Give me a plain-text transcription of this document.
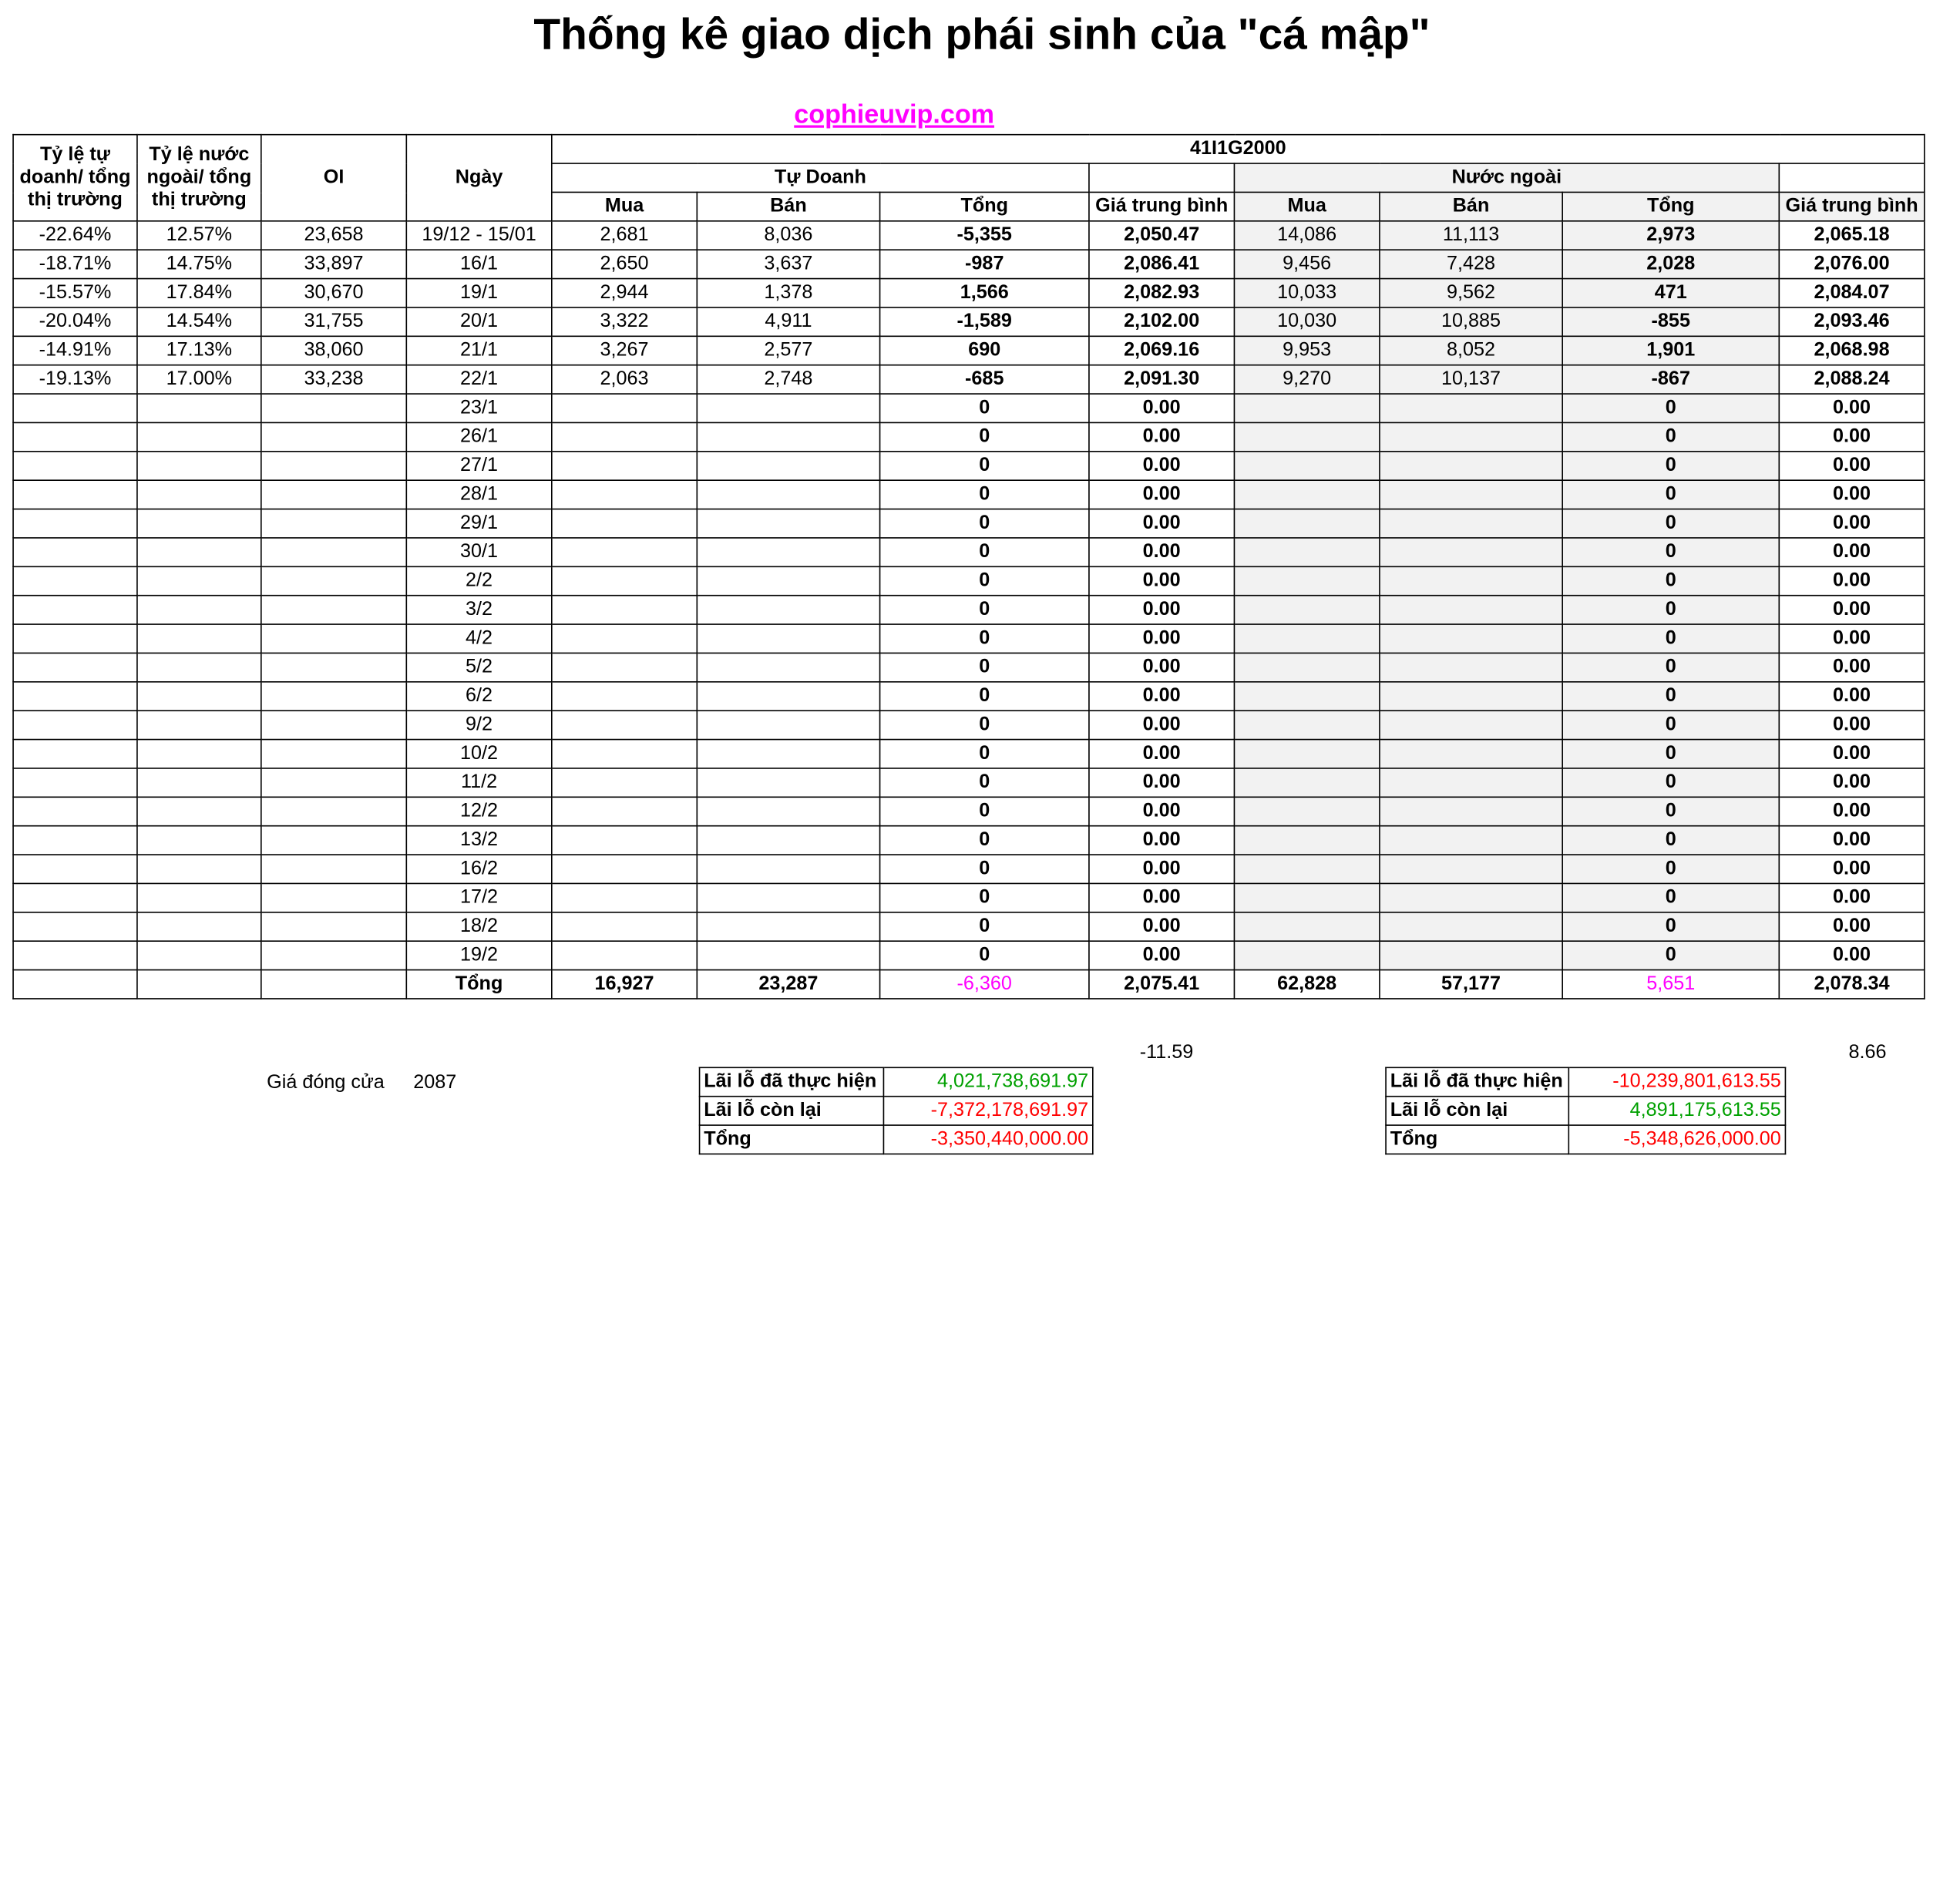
Thống kê giao dịch phái sinh của "cá mập"
cophieuvip.com
Tỷ lệ tự doanh/ tổng thị trường	Tỷ lệ nước ngoài/ tổng thị trường	OI	Ngày	41I1G2000							
				Tự Doanh				Nước ngoài			
				Mua	Bán	Tổng	Giá trung bình	Mua	Bán	Tổng	Giá trung bình
-22.64%	12.57%	23,658	19/12 - 15/01	2,681	8,036	-5,355	2,050.47	14,086	11,113	2,973	2,065.18
-18.71%	14.75%	33,897	16/1	2,650	3,637	-987	2,086.41	9,456	7,428	2,028	2,076.00
-15.57%	17.84%	30,670	19/1	2,944	1,378	1,566	2,082.93	10,033	9,562	471	2,084.07
-20.04%	14.54%	31,755	20/1	3,322	4,911	-1,589	2,102.00	10,030	10,885	-855	2,093.46
-14.91%	17.13%	38,060	21/1	3,267	2,577	690	2,069.16	9,953	8,052	1,901	2,068.98
-19.13%	17.00%	33,238	22/1	2,063	2,748	-685	2,091.30	9,270	10,137	-867	2,088.24
			23/1			0	0.00			0	0.00
			26/1			0	0.00			0	0.00
			27/1			0	0.00			0	0.00
			28/1			0	0.00			0	0.00
			29/1			0	0.00			0	0.00
			30/1			0	0.00			0	0.00
			2/2			0	0.00			0	0.00
			3/2			0	0.00			0	0.00
			4/2			0	0.00			0	0.00
			5/2			0	0.00			0	0.00
			6/2			0	0.00			0	0.00
			9/2			0	0.00			0	0.00
			10/2			0	0.00			0	0.00
			11/2			0	0.00			0	0.00
			12/2			0	0.00			0	0.00
			13/2			0	0.00			0	0.00
			16/2			0	0.00			0	0.00
			17/2			0	0.00			0	0.00
			18/2			0	0.00			0	0.00
			19/2			0	0.00			0	0.00
			Tổng	16,927	23,287	-6,360	2,075.41	62,828	57,177	5,651	2,078.34
-11.59	8.66
Giá đóng cửa 2087	Lãi lỗ đã thực hiện	4,021,738,691.97
Lãi lỗ còn lại	-7,372,178,691.97
Tổng	-3,350,440,000.00
Lãi lỗ đã thực hiện	-10,239,801,613.55
Lãi lỗ còn lại	4,891,175,613.55
Tổng	-5,348,626,000.00
